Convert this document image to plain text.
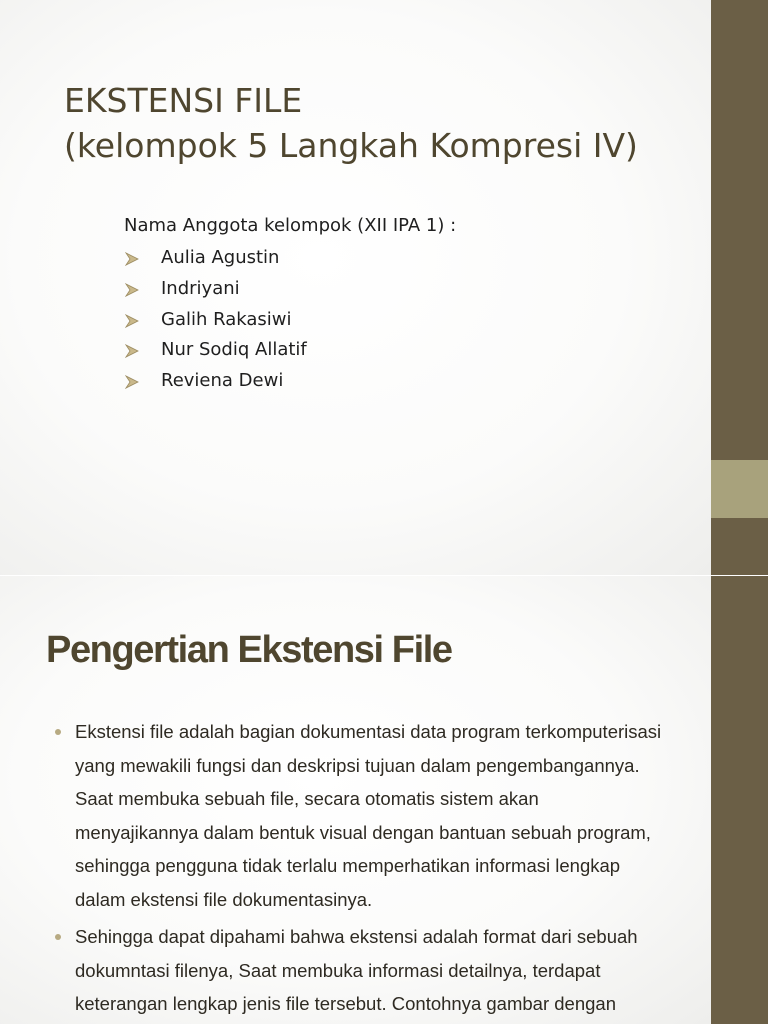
EKSTENSI FILE
(kelompok 5 Langkah Kompresi IV)
Nama Anggota kelompok (XII IPA 1) :
Aulia Agustin
Indriyani
Galih Rakasiwi
Nur Sodiq Allatif
Reviena Dewi
Pengertian Ekstensi File
Ekstensi file adalah bagian dokumentasi data program terkomputerisasi yang mewakili fungsi dan deskripsi tujuan dalam pengembangannya. Saat membuka sebuah file, secara otomatis sistem akan menyajikannya dalam bentuk visual dengan bantuan sebuah program, sehingga pengguna tidak terlalu memperhatikan informasi lengkap dalam ekstensi file dokumentasinya.
Sehingga dapat dipahami bahwa ekstensi adalah format dari sebuah dokumntasi filenya, Saat membuka informasi detailnya, terdapat keterangan lengkap jenis file tersebut. Contohnya gambar dengan
